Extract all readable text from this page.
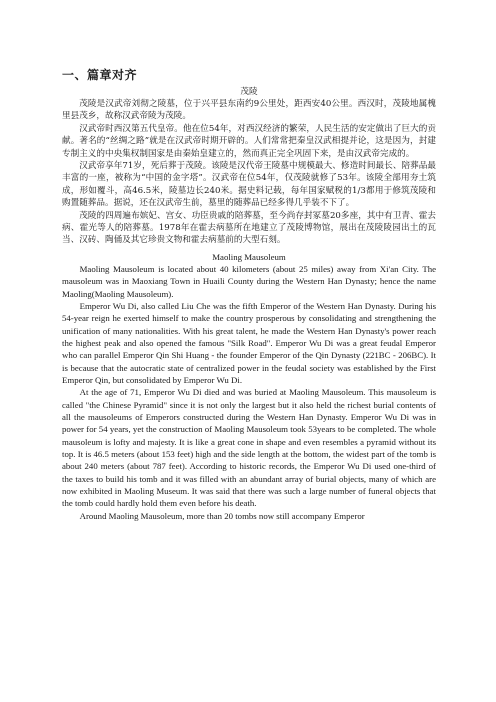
一、篇章对齐

茂陵

茂陵是汉武帝刘彻之陵墓，位于兴平县东南约9公里处，距西安40公里。西汉时，茂陵地属槐里县茂乡，故称汉武帝陵为茂陵。

汉武帝时西汉第五代皇帝。他在位54年，对西汉经济的繁荣，人民生活的安定做出了巨大的贡献。著名的“丝绸之路”就是在汉武帝时期开辟的。人们常常把秦皇汉武相提并论，这是因为，封建专制主义的中央集权制国家是由秦始皇建立的，然而真正完全巩固下来，是由汉武帝完成的。

汉武帝享年71岁，死后葬于茂陵。该陵是汉代帝王陵墓中规模最大、修造时间最长、陪葬品最丰富的一座，被称为“中国的金字塔”。汉武帝在位54年，仅茂陵就修了53年。该陵全部用夯土筑成，形如覆斗，高46.5米，陵墓边长240米。据史料记载，每年国家赋税的1/3都用于修筑茂陵和购置随葬品。据说，还在汉武帝生前，墓里的随葬品已经多得几乎装不下了。

茂陵的四周遍布嫔妃、宫女、功臣贵戚的陪葬墓，至今尚存封冢墓20多座，其中有卫青、霍去病、霍光等人的陪葬墓。1978年在霍去病墓所在地建立了茂陵博物馆，展出在茂陵陵园出土的瓦当、汉砖、陶俑及其它珍贵文物和霍去病墓前的大型石刻。

Maoling Mausoleum

Maoling Mausoleum is located about 40 kilometers (about 25 miles) away from Xi'an City. The mausoleum was in Maoxiang Town in Huaili County during the Western Han Dynasty; hence the name Maoling(Maoling Mausoleum).

Emperor Wu Di, also called Liu Che was the fifth Emperor of the Western Han Dynasty. During his 54-year reign he exerted himself to make the country prosperous by consolidating and strengthening the unification of many nationalities. With his great talent, he made the Western Han Dynasty's power reach the highest peak and also opened the famous "Silk Road". Emperor Wu Di was a great feudal Emperor who can parallel Emperor Qin Shi Huang - the founder Emperor of the Qin Dynasty (221BC - 206BC). It is because that the autocratic state of centralized power in the feudal society was established by the First Emperor Qin, but consolidated by Emperor Wu Di.

At the age of 71, Emperor Wu Di died and was buried at Maoling Mausoleum. This mausoleum is called "the Chinese Pyramid" since it is not only the largest but it also held the richest burial contents of all the mausoleums of Emperors constructed during the Western Han Dynasty. Emperor Wu Di was in power for 54 years, yet the construction of Maoling Mausoleum took 53years to be completed. The whole mausoleum is lofty and majesty. It is like a great cone in shape and even resembles a pyramid without its top. It is 46.5 meters (about 153 feet) high and the side length at the bottom, the widest part of the tomb is about 240 meters (about 787 feet). According to historic records, the Emperor Wu Di used one-third of the taxes to build his tomb and it was filled with an abundant array of burial objects, many of which are now exhibited in Maoling Museum. It was said that there was such a large number of funeral objects that the tomb could hardly hold them even before his death.

Around Maoling Mausoleum, more than 20 tombs now still accompany Emperor
